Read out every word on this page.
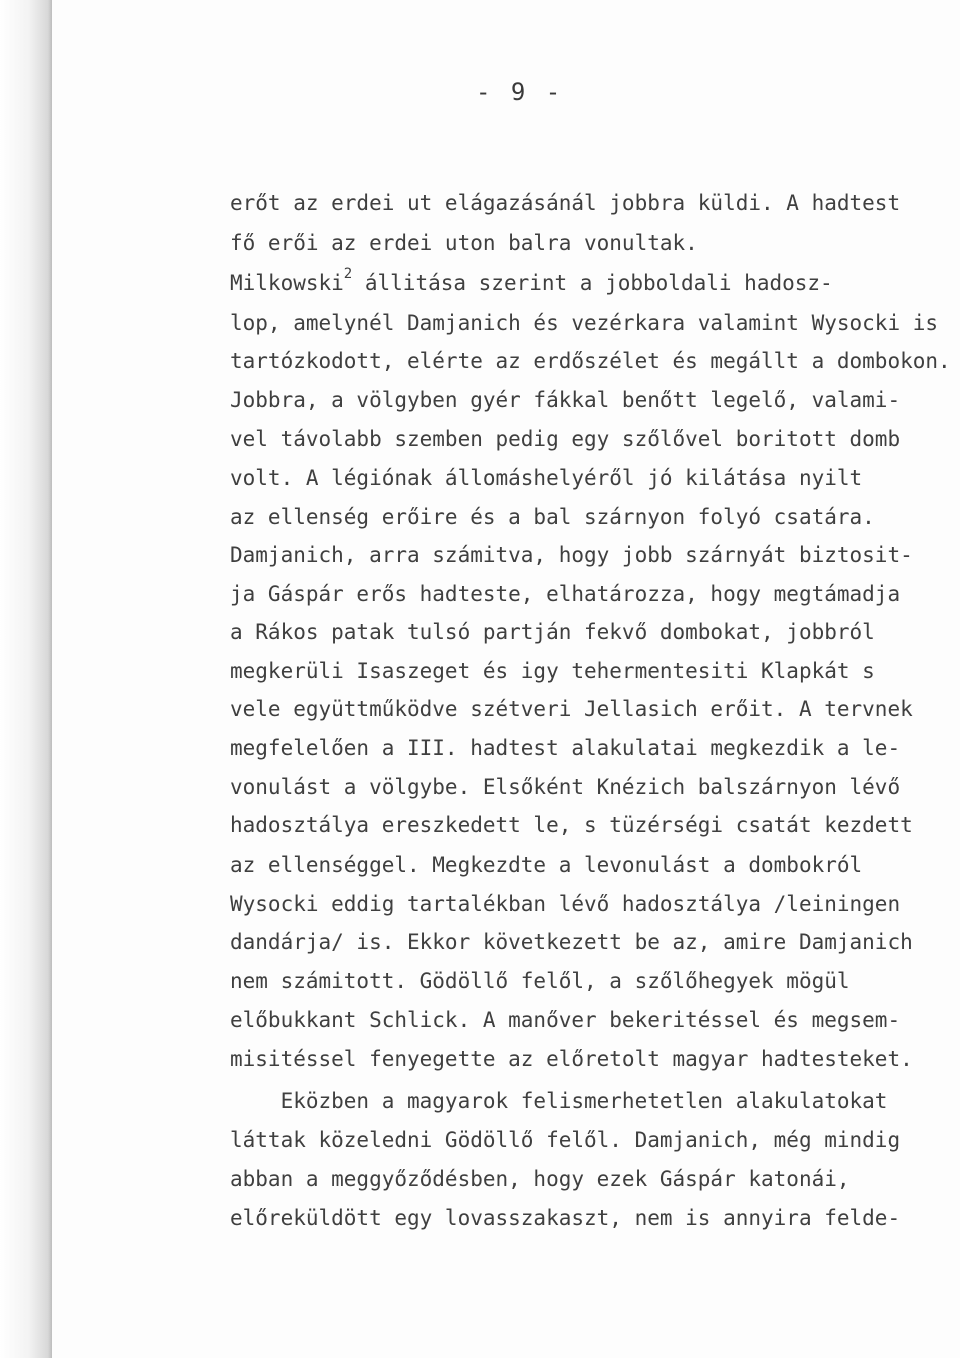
- 9 -
erőt az erdei ut elágazásánál jobbra küldi. A hadtest
fő erői az erdei uton balra vonultak.
Milkowski$^2$ állitása szerint a jobboldali hadosz-
lop, amelynél Damjanich és vezérkara valamint Wysocki is
tartózkodott, elérte az erdőszélet és megállt a dombokon.
Jobbra, a völgyben gyér fákkal benőtt legelő, valami-
vel távolabb szemben pedig egy szőlővel boritott domb
volt. A légiónak állomáshelyéről jó kilátása nyilt
az ellenség erőire és a bal szárnyon folyó csatára.
Damjanich, arra számitva, hogy jobb szárnyát biztosit-
ja Gáspár erős hadteste, elhatározza, hogy megtámadja
a Rákos patak tulsó partján fekvő dombokat, jobbról
megkerüli Isaszeget és igy tehermentesiti Klapkát s
vele együttműködve szétveri Jellasich erőit. A tervnek
megfelelően a III. hadtest alakulatai megkezdik a le-
vonulást a völgybe. Elsőként Knézich balszárnyon lévő
hadosztálya ereszkedett le, s tüzérségi csatát kezdett
az ellenséggel. Megkezdte a levonulást a dombokról
Wysocki eddig tartalékban lévő hadosztálya /leiningen
dandárja/ is. Ekkor következett be az, amire Damjanich
nem számitott. Gödöllő felől, a szőlőhegyek mögül
előbukkant Schlick. A manőver bekeritéssel és megsem-
misitéssel fenyegette az előretolt magyar hadtesteket.
Eközben a magyarok felismerhetetlen alakulatokat
láttak közeledni Gödöllő felől. Damjanich, még mindig
abban a meggyőződésben, hogy ezek Gáspár katonái,
előreküldött egy lovasszakaszt, nem is annyira felde-
